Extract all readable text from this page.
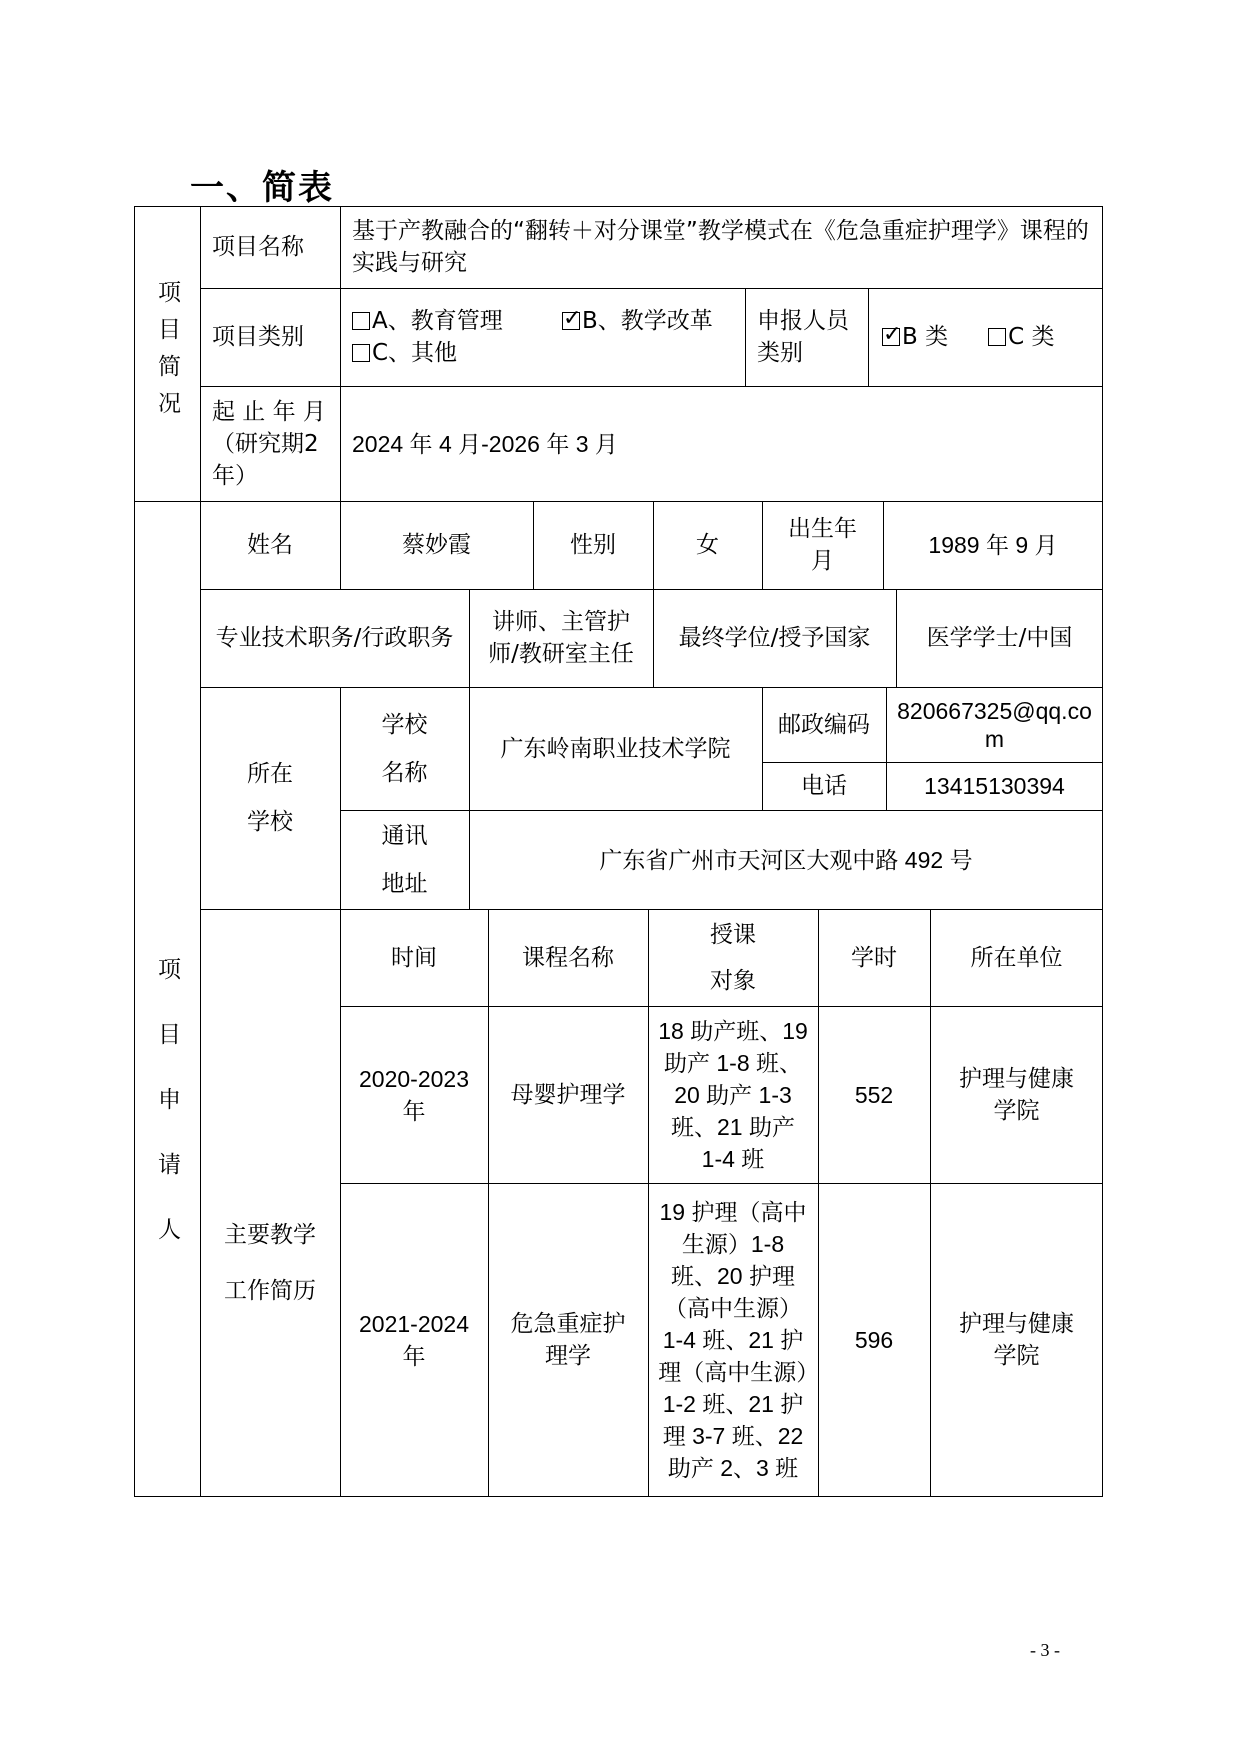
一、简表
项目简况
项目名称
基于产教融合的“翻转＋对分课堂”教学模式在《危急重症护理学》课程的实践与研究
项目类别
A、教育管理
✓	B、教学改革
C、其他
申报人员类别
✓B 类	C 类
起 止 年 月
（研究期2
年）
2024 年 4 月-2026 年 3 月
项目申请人
姓名	蔡妙霞	性别	女
出生年月
1989 年 9 月
专业技术职务/行政职务
讲师、主管护师/教研室主任
最终学位/授予国家	医学学士/中国
所在
学校
学校
名称
广东岭南职业技术学院
邮政编码
820667325@qq.com
电话	13415130394
通讯
地址
广东省广州市天河区大观中路 492 号
主要教学
工作简历
时间	课程名称
授课
对象
学时	所在单位
2020-2023 年
母婴护理学
18 助产班、19 助产 1-8 班、20 助产 1-3 班、21 助产 1-4 班
552
护理与健康学院
2021-2024 年
危急重症护理学
19 护理（高中生源）1-8 班、20 护理（高中生源）1-4 班、21 护理（高中生源）1-2 班、21 护理 3-7 班、22 助产 2、3 班
596
护理与健康学院
- 3 -
